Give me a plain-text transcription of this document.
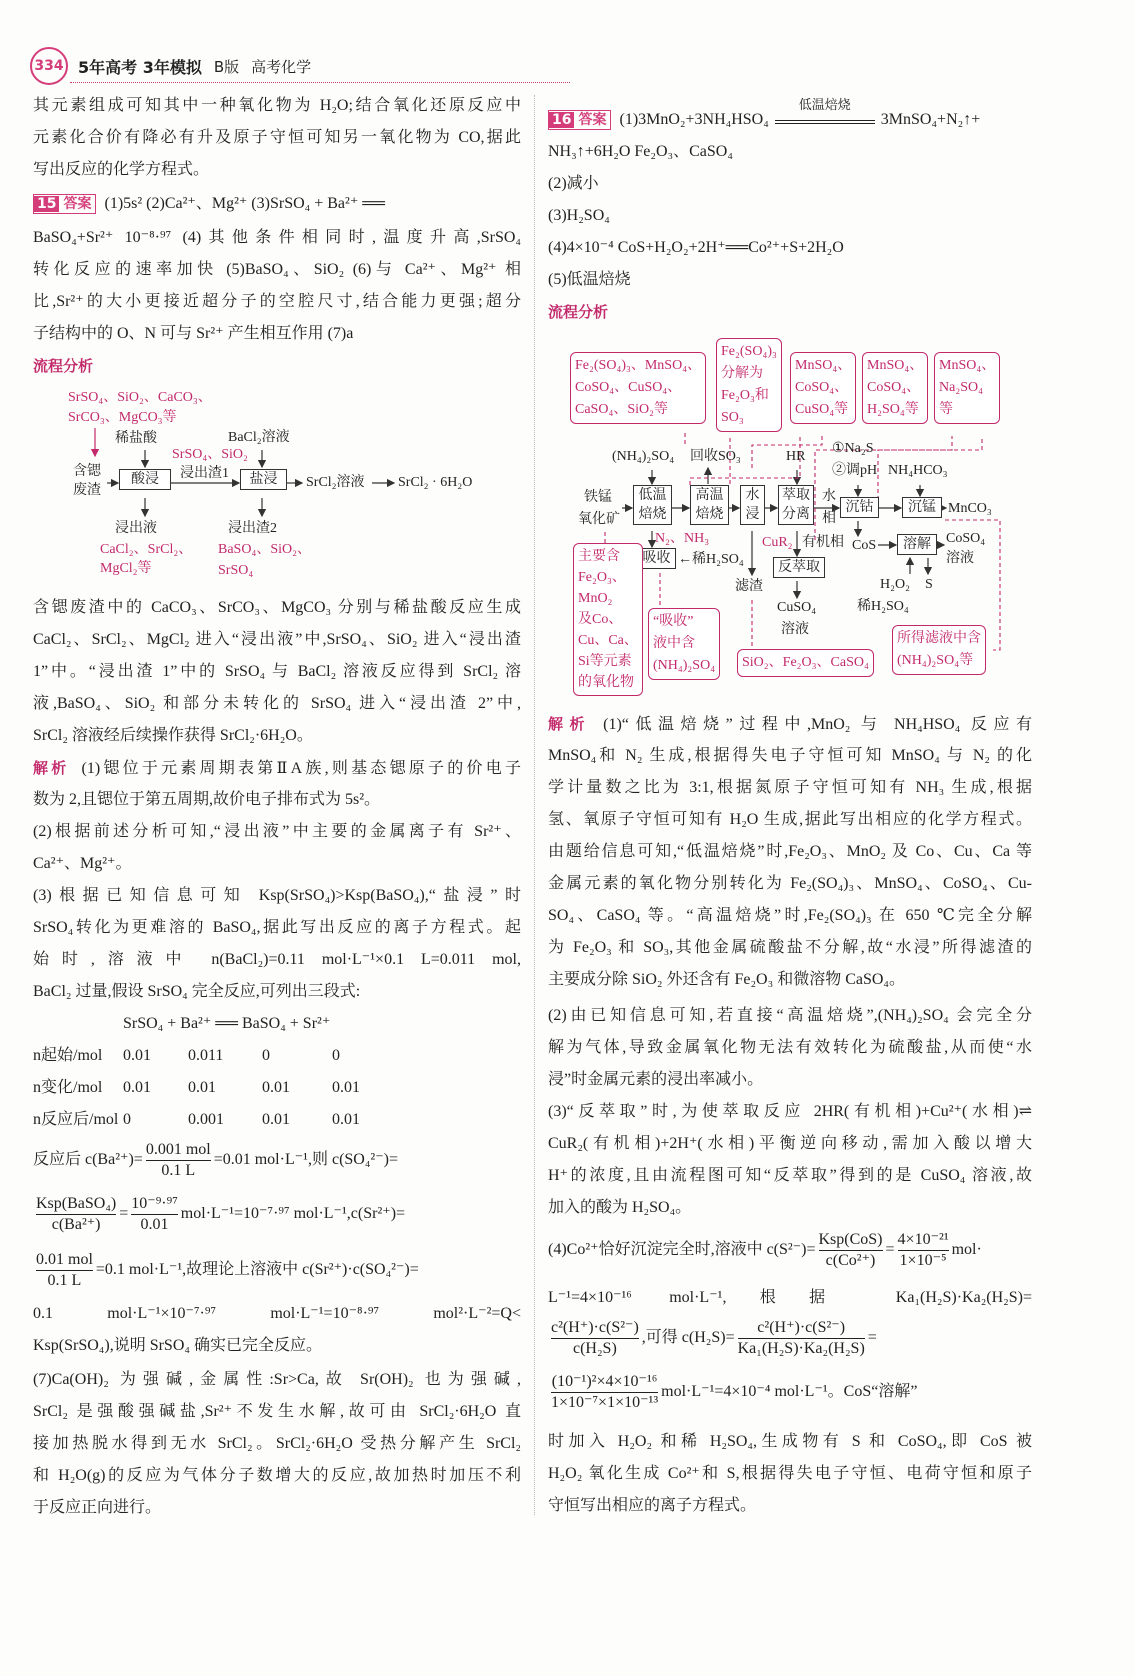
334 5年高考 3年模拟 B版 高考化学
其元素组成可知其中一种氧化物为 H₂O;结合氧化还原反应中
元素化合价有降必有升及原子守恒可知另一氧化物为 CO,据此
写出反应的化学方程式。
15 答案 (1)5s² (2)Ca²⁺、Mg²⁺ (3)SrSO₄ + Ba²⁺ ══
BaSO₄+Sr²⁺ 10⁻⁸·⁹⁷ (4)其他条件相同时,温度升高,SrSO₄
转化反应的速率加快 (5)BaSO₄、SiO₂ (6)与 Ca²⁺、Mg²⁺ 相
比,Sr²⁺的大小更接近超分子的空腔尺寸,结合能力更强;超分
子结构中的 O、N 可与 Sr²⁺ 产生相互作用 (7)a
流程分析
SrSO₄、SiO₂、CaCO₃、
SrCO₃、MgCO₃等
稀盐酸	BaCl₂溶液
SrSO₄、SiO₂
含锶
废渣
酸浸	浸出渣1	盐浸	SrCl₂溶液 SrCl₂ · 6H₂O
浸出液	浸出渣2
CaCl₂、SrCl₂、
MgCl₂等
BaSO₄、SiO₂、
SrSO₄
含锶废渣中的 CaCO₃、SrCO₃、MgCO₃ 分别与稀盐酸反应生成
CaCl₂、SrCl₂、MgCl₂ 进入“浸出液”中,SrSO₄、SiO₂ 进入“浸出渣
1”中。“浸出渣 1”中的 SrSO₄ 与 BaCl₂ 溶液反应得到 SrCl₂ 溶
液,BaSO₄、SiO₂ 和部分未转化的 SrSO₄ 进入“浸出渣 2”中,
SrCl₂ 溶液经后续操作获得 SrCl₂·6H₂O。
解析 (1)锶位于元素周期表第ⅡA族,则基态锶原子的价电子
数为 2,且锶位于第五周期,故价电子排布式为 5s²。
(2)根据前述分析可知,“浸出液”中主要的金属离子有 Sr²⁺、
Ca²⁺、Mg²⁺。
(3)根据已知信息可知 Ksp(SrSO₄)>Ksp(BaSO₄),“盐浸”时
SrSO₄转化为更难溶的 BaSO₄,据此写出反应的离子方程式。起
始时,溶液中 n(BaCl₂)=0.11 mol·L⁻¹×0.1 L=0.011 mol,
BaCl₂ 过量,假设 SrSO₄ 完全反应,可列出三段式:
SrSO₄ + Ba²⁺ ══ BaSO₄ + Sr²⁺
n起始/mol 0.01 0.011 0	0
n变化/mol 0.01 0.01	0.01	0.01
n反应后/mol 0	0.001 0.01	0.01
反应后 $c(Ba^{2+})= \frac{\text{0.001 mol}}{0.1 L} =0.01$ mol·L⁻¹,则 c(SO₄²⁻)=
$\frac{\text{Ksp(BaSO₄)}}{\text{c(Ba²⁺)}} = \frac{\text{10⁻⁹·⁹⁷}}{0.01} mol\cdot L^{-1}=10^{-7}\cdot^{97}$ mol·L⁻¹,c(Sr²⁺)=
$\frac{\text{0.01 mol}}{0.1 L} =0.1$ mol·L⁻¹,故理论上溶液中 c(Sr²⁺)·c(SO₄²⁻)=
0.1 mol·L⁻¹×10⁻⁷·⁹⁷ mol·L⁻¹=10⁻⁸·⁹⁷ mol²·L⁻²=Q<
Ksp(SrSO₄),说明 SrSO₄ 确实已完全反应。
(7)Ca(OH)₂ 为强碱,金属性:Sr>Ca,故 Sr(OH)₂ 也为强碱,
SrCl₂ 是强酸强碱盐,Sr²⁺不发生水解,故可由 SrCl₂·6H₂O 直
接加热脱水得到无水 SrCl₂。SrCl₂·6H₂O 受热分解产生 SrCl₂
和 H₂O(g)的反应为气体分子数增大的反应,故加热时加压不利
于反应正向进行。
16 答案 (1)3MnO₂+3NH₄HSO₄
低温焙烧
3MnSO₄+N₂↑+
NH₃↑+6H₂O Fe₂O₃、CaSO₄
(2)减小
(3)H₂SO₄
(4)4×10⁻⁴ CoS+H₂O₂+2H⁺══Co²⁺+S+2H₂O
(5)低温焙烧
流程分析
Fe₂(SO₄)₃、MnSO₄、
CoSO₄、CuSO₄、
CaSO₄、SiO₂等
Fe₂(SO₄)₃
分解为
Fe₂O₃和
SO₃
MnSO₄、
CoSO₄、
CuSO₄等
MnSO₄、
CoSO₄、
H₂SO₄等
MnSO₄、
Na₂SO₄
等
(NH₄)₂SO₄ 回收SO₃	HR
①Na₂S
②调pH NH₄HCO₃
铁锰
氧化矿
低温
焙烧
高温
焙烧
水
浸
萃取
分离
水
相
沉钴	沉锰 MnCO₃
N₂、NH₃
吸收 ←稀H₂SO₄
滤渣
CuR₂ 有机相
反萃取
CuSO₄
溶液
CoS	溶解	CoSO₄
溶液
H₂O₂
稀H₂SO₄
S
主要含
Fe₂O₃、
MnO₂
及Co、
Cu、Ca、
Si等元素
的氧化物
“吸收”
液中含
(NH₄)₂SO₄	SiO₂、Fe₂O₃、CaSO₄
所得滤液中含
(NH₄)₂SO₄等
解析 (1)“低温焙烧”过程中,MnO₂ 与 NH₄HSO₄ 反应有
MnSO₄和 N₂ 生成,根据得失电子守恒可知 MnSO₄ 与 N₂ 的化
学计量数之比为 3:1,根据氮原子守恒可知有 NH₃ 生成,根据
氢、氧原子守恒可知有 H₂O 生成,据此写出相应的化学方程式。
由题给信息可知,“低温焙烧”时,Fe₂O₃、MnO₂ 及 Co、Cu、Ca 等
金属元素的氧化物分别转化为 Fe₂(SO₄)₃、MnSO₄、CoSO₄、Cu-
SO₄、CaSO₄ 等。“高温焙烧”时,Fe₂(SO₄)₃ 在 650 ℃完全分解
为 Fe₂O₃ 和 SO₃,其他金属硫酸盐不分解,故“水浸”所得滤渣的
主要成分除 SiO₂ 外还含有 Fe₂O₃ 和微溶物 CaSO₄。
(2)由已知信息可知,若直接“高温焙烧”,(NH₄)₂SO₄ 会完全分
解为气体,导致金属氧化物无法有效转化为硫酸盐,从而使“水
浸”时金属元素的浸出率减小。
(3)“反萃取”时,为使萃取反应 2HR(有机相)+Cu²⁺(水相)⇌
CuR₂(有机相)+2H⁺(水相)平衡逆向移动,需加入酸以增大
H⁺的浓度,且由流程图可知“反萃取”得到的是 CuSO₄ 溶液,故
加入的酸为 H₂SO₄。
(4)Co²⁺恰好沉淀完全时,溶液中 $c(S^{2-})= \frac{\text{Ksp(CoS)}}{\text{c(Co²⁺)}} = \frac{\text{4×10⁻²¹}}{\text{1×10⁻⁵}} mol\cdot$
L⁻¹=4×10⁻¹⁶ mol·L⁻¹,根据 Ka₁(H₂S)·Ka₂(H₂S)=
$\frac{\text{c²(H⁺)·c(S²⁻)}}{\text{c(H₂S)}}$ ,可得 $c(H_2S)= \frac{\text{c²(H⁺)·c(S²⁻)}}{\text{Ka₁(H₂S)·Ka₂(H₂S)}}$ =
$\frac{\text{(10⁻¹)²×4×10⁻¹⁶}}{\text{1×10⁻⁷×1×10⁻¹³}} mol\cdot L^{-1}=4\times 10^{-4}$ mol·L⁻¹。CoS“溶解”
时加入 H₂O₂ 和稀 H₂SO₄,生成物有 S 和 CoSO₄,即 CoS 被
H₂O₂ 氧化生成 Co²⁺和 S,根据得失电子守恒、电荷守恒和原子
守恒写出相应的离子方程式。
